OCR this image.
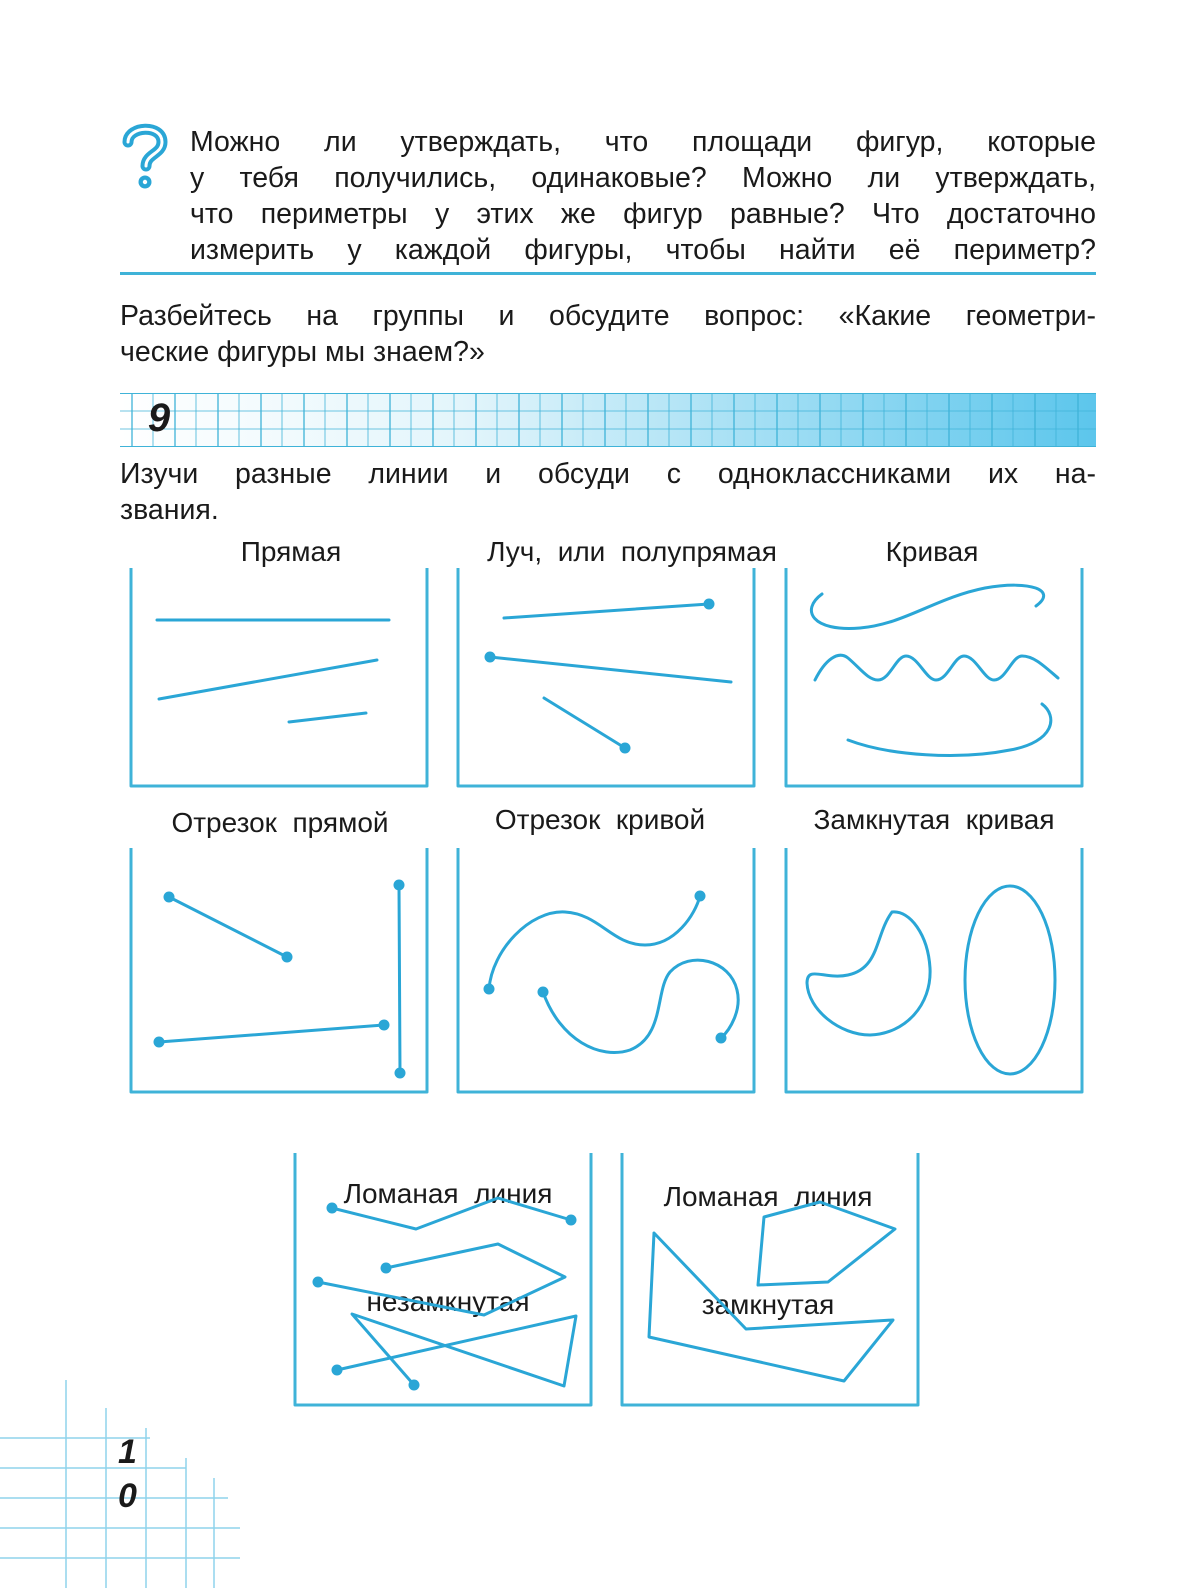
Можно ли утверждать, что площади фигур, которые
у тебя получились, одинаковые? Можно ли утверждать,
что периметры у этих же фигур равные? Что достаточно
измерить у каждой фигуры, чтобы найти её периметр?
Разбейтесь на группы и обсудите вопрос: «Какие геометри-
ческие фигуры мы знаем?»
9
Изучи разные линии и обсуди с одноклассниками их на-
звания.
Прямая	Луч,  или  полупрямая	Кривая
Отрезок  прямой	Отрезок  кривой	Замкнутая  кривая

Ломаная  линия

незамкнутая

Ломаная  линия

замкнутая

1 0
